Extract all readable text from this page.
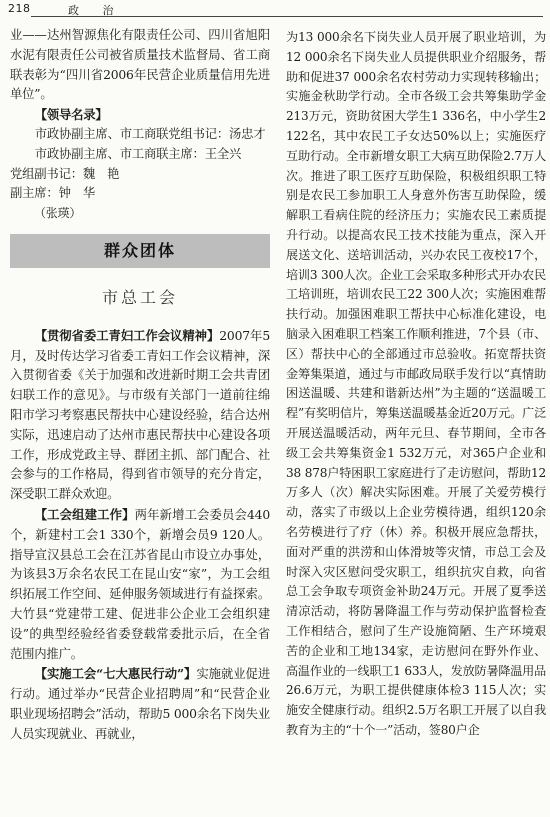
218	政 治

业——达州智源焦化有限责任公司、四川省旭阳水泥有限责任公司被省质量技术监督局、省工商联表彰为“四川省2006年民营企业质量信用先进单位”。

【领导名录】

市政协副主席、市工商联党组书记：汤忠才

市政协副主席、市工商联主席：王全兴

党组副书记：魏　艳

副主席：钟　华

（张瑛）

群众团体
市总工会

【贯彻省委工青妇工作会议精神】2007年5月，及时传达学习省委工青妇工作会议精神，深入贯彻省委《关于加强和改进新时期工会共青团妇联工作的意见》。与市级有关部门一道前往绵阳市学习考察惠民帮扶中心建设经验，结合达州实际，迅速启动了达州市惠民帮扶中心建设各项工作，形成党政主导、群团主抓、部门配合、社会参与的工作格局，得到省市领导的充分肯定，深受职工群众欢迎。

【工会组建工作】两年新增工会委员会440个，新建村工会1 330个，新增会员9 120人。指导宣汉县总工会在江苏省昆山市设立办事处，为该县3万余名农民工在昆山安“家”，为工会组织拓展工作空间、延伸服务领域进行有益探索。大竹县“党建带工建、促进非公企业工会组织建设”的典型经验经省委登载常委批示后，在全省范围内推广。

【实施工会“七大惠民行动”】实施就业促进行动。通过举办“民营企业招聘周”和“民营企业职业现场招聘会”活动，帮助5 000余名下岗失业人员实现就业、再就业，

为13 000余名下岗失业人员开展了职业培训，为12 000余名下岗失业人员提供职业介绍服务，帮助和促进37 000余名农村劳动力实现转移输出；实施金秋助学行动。全市各级工会共筹集助学金213万元，资助贫困大学生1 336名，中小学生2 122名，其中农民工子女达50%以上；实施医疗互助行动。全市新增女职工大病互助保险2.7万人次。推进了职工医疗互助保险，积极组织职工特别是农民工参加职工人身意外伤害互助保险，缓解职工看病住院的经济压力；实施农民工素质提升行动。以提高农民工技术技能为重点，深入开展送文化、送培训活动，兴办农民工夜校17个，培训3 300人次。企业工会采取多种形式开办农民工培训班，培训农民工22 300人次；实施困难帮扶行动。加强困难职工帮扶中心标准化建设，电脑录入困难职工档案工作顺利推进，7个县（市、区）帮扶中心的全部通过市总验收。拓宽帮扶资金筹集渠道，通过与市邮政局联手发行以“真情助困送温暖、共建和谐新达州”为主题的“送温暖工程”有奖明信片，筹集送温暖基金近20万元。广泛开展送温暖活动，两年元旦、春节期间，全市各级工会共筹集资金1 532万元，对365户企业和38 878户特困职工家庭进行了走访慰问，帮助12万多人（次）解决实际困难。开展了关爱劳模行动，落实了市级以上企业劳模待遇，组织120余名劳模进行了疗（休）养。积极开展应急帮扶，面对严重的洪涝和山体滑坡等灾情，市总工会及时深入灾区慰问受灾职工，组织抗灾自救，向省总工会争取专项资金补助24万元。开展了夏季送清凉活动，将防暑降温工作与劳动保护监督检查工作相结合，慰问了生产设施简陋、生产环境艰苦的企业和工地134家，走访慰问在野外作业、高温作业的一线职工1 633人，发放防暑降温用品26.6万元，为职工提供健康体检3 115人次；实施安全健康行动。组织2.5万名职工开展了以自我教育为主的“十个一”活动，签80户企
